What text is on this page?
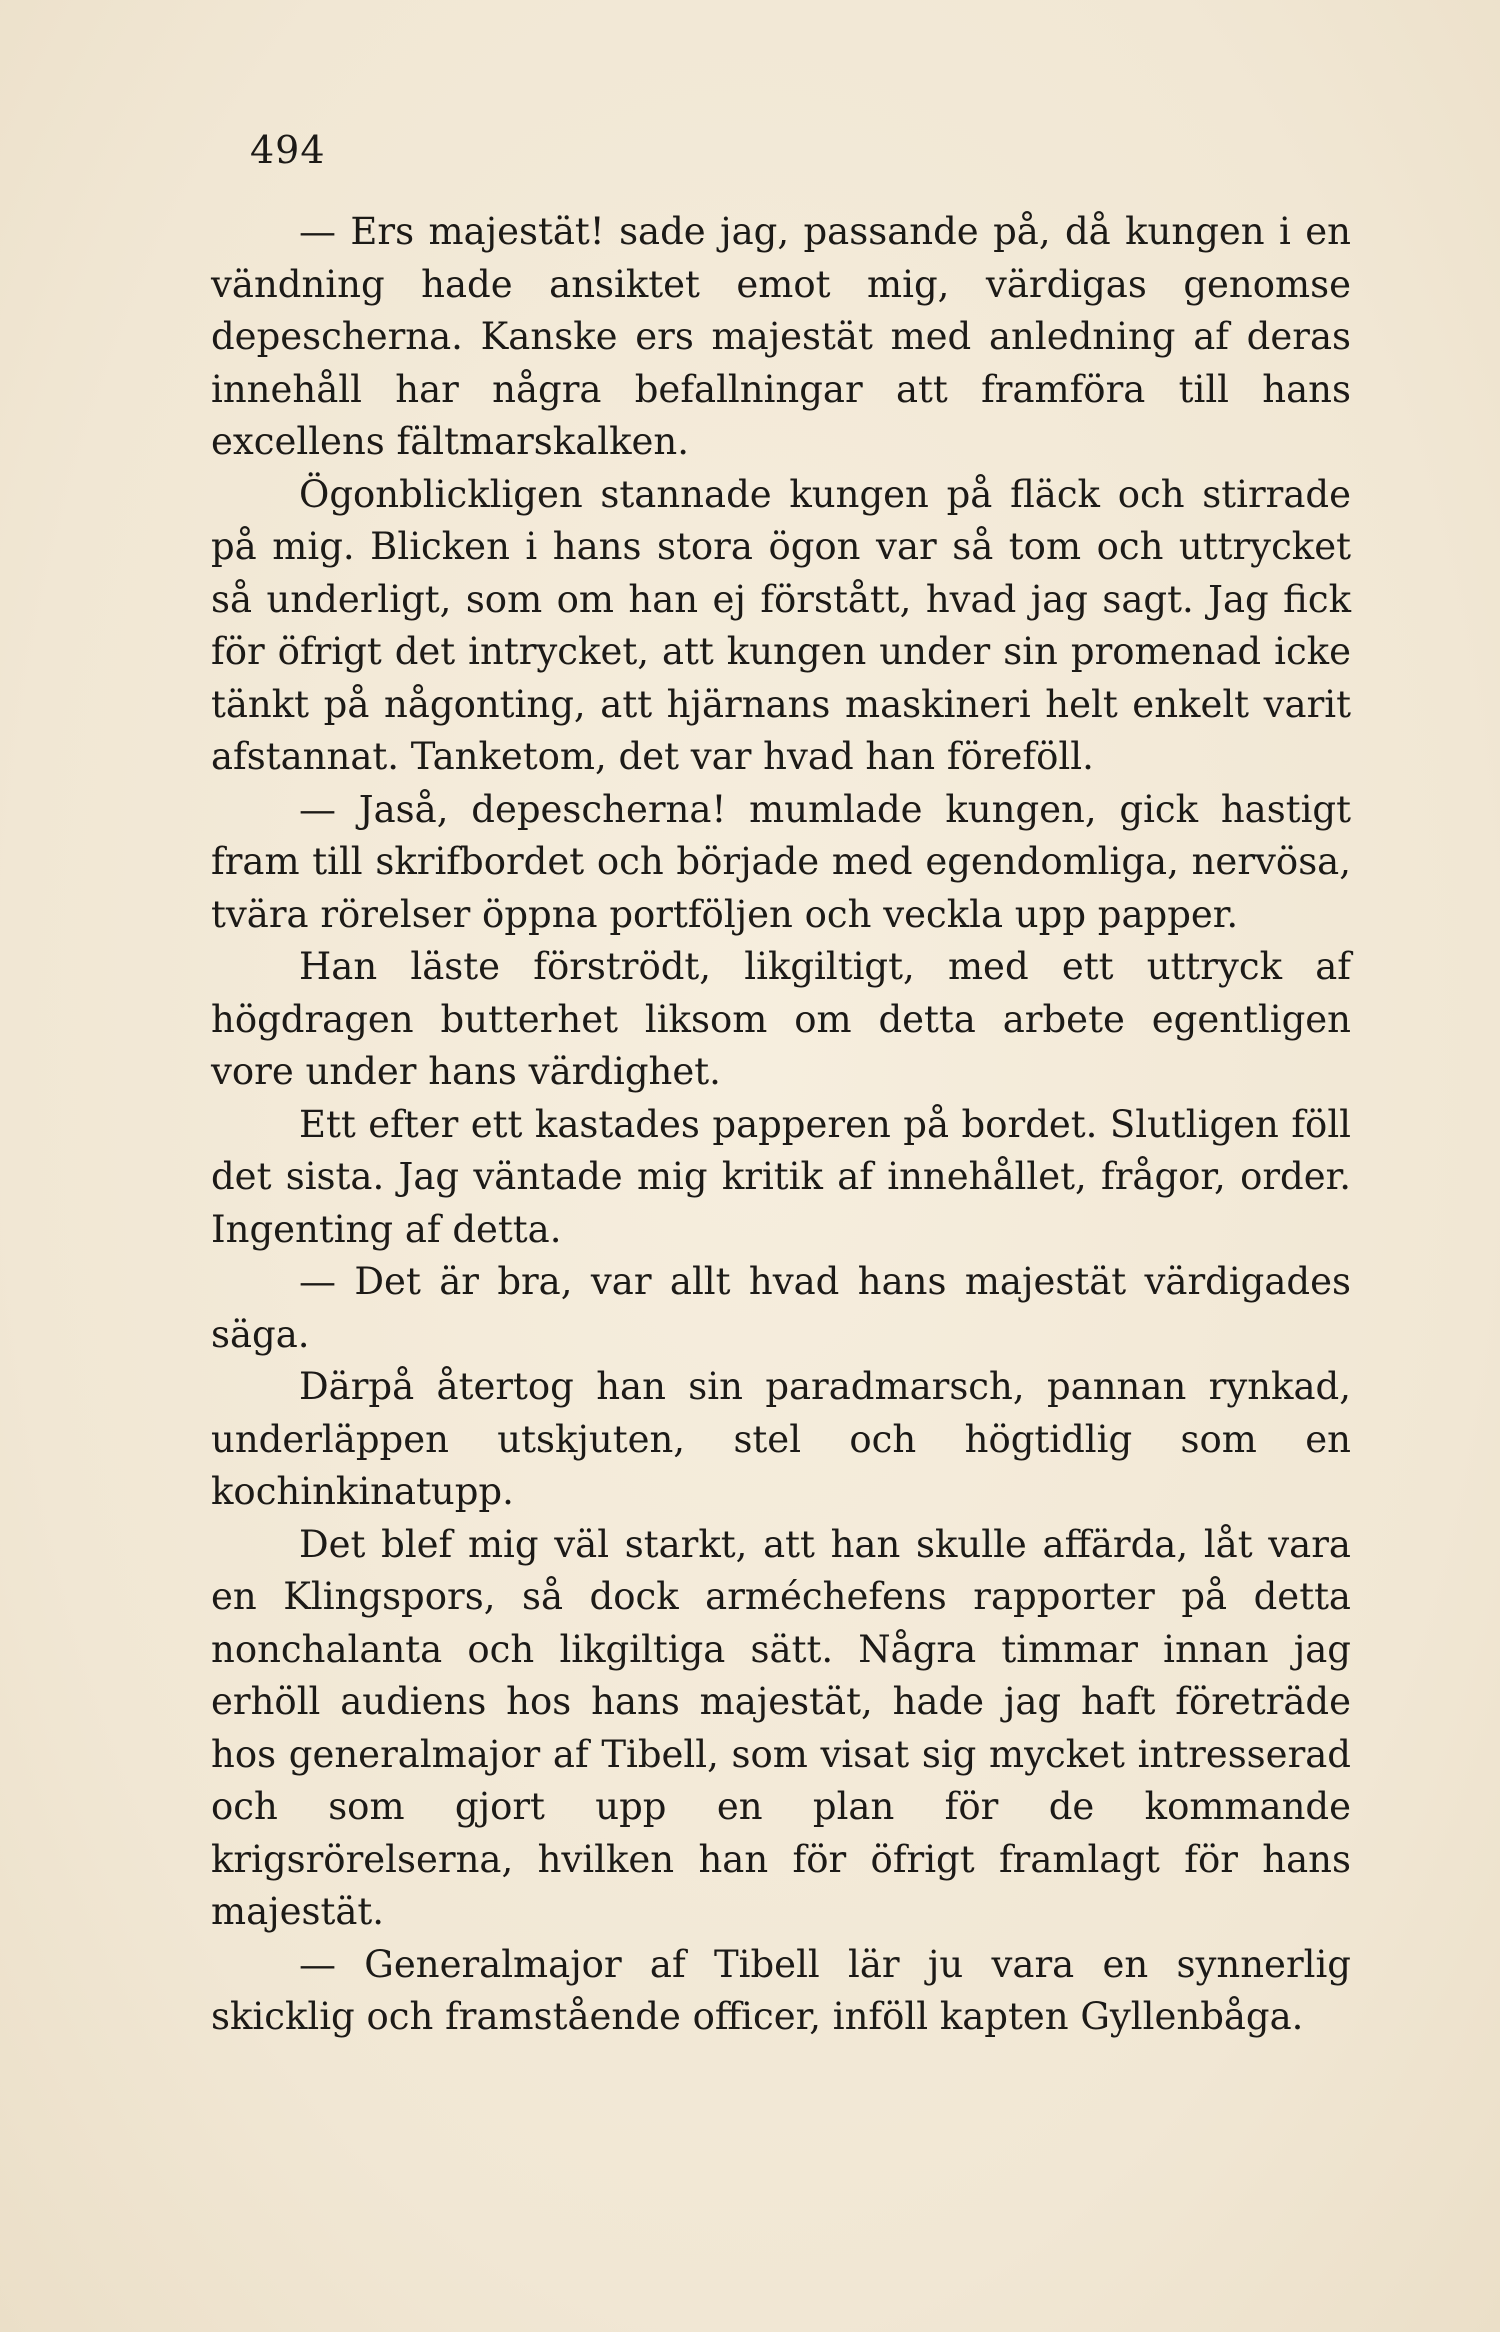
494

— Ers majestät! sade jag, passande på, då kungen i en vändning hade ansiktet emot mig, värdigas genomse depescherna. Kanske ers majestät med anledning af deras innehåll har några befallningar att framföra till hans excellens fältmarskalken.

Ögonblickligen stannade kungen på fläck och stirrade på mig. Blicken i hans stora ögon var så tom och uttrycket så underligt, som om han ej förstått, hvad jag sagt. Jag fick för öfrigt det intrycket, att kungen under sin promenad icke tänkt på någonting, att hjärnans maskineri helt enkelt varit afstannat. Tanketom, det var hvad han föreföll.

— Jaså, depescherna! mumlade kungen, gick hastigt fram till skrifbordet och började med egendomliga, nervösa, tvära rörelser öppna portföljen och veckla upp papper.

Han läste förströdt, likgiltigt, med ett uttryck af högdragen butterhet liksom om detta arbete egentligen vore under hans värdighet.

Ett efter ett kastades papperen på bordet. Slutligen föll det sista. Jag väntade mig kritik af innehållet, frågor, order. Ingenting af detta.

— Det är bra, var allt hvad hans majestät värdigades säga.

Därpå återtog han sin paradmarsch, pannan rynkad, underläppen utskjuten, stel och högtidlig som en kochinkinatupp.

Det blef mig väl starkt, att han skulle affärda, låt vara en Klingspors, så dock arméchefens rapporter på detta nonchalanta och likgiltiga sätt. Några timmar innan jag erhöll audiens hos hans majestät, hade jag haft företräde hos generalmajor af Tibell, som visat sig mycket intresserad och som gjort upp en plan för de kommande krigsrörelserna, hvilken han för öfrigt framlagt för hans majestät.

— Generalmajor af Tibell lär ju vara en synnerlig skicklig och framstående officer, inföll kapten Gyllenbåga.
